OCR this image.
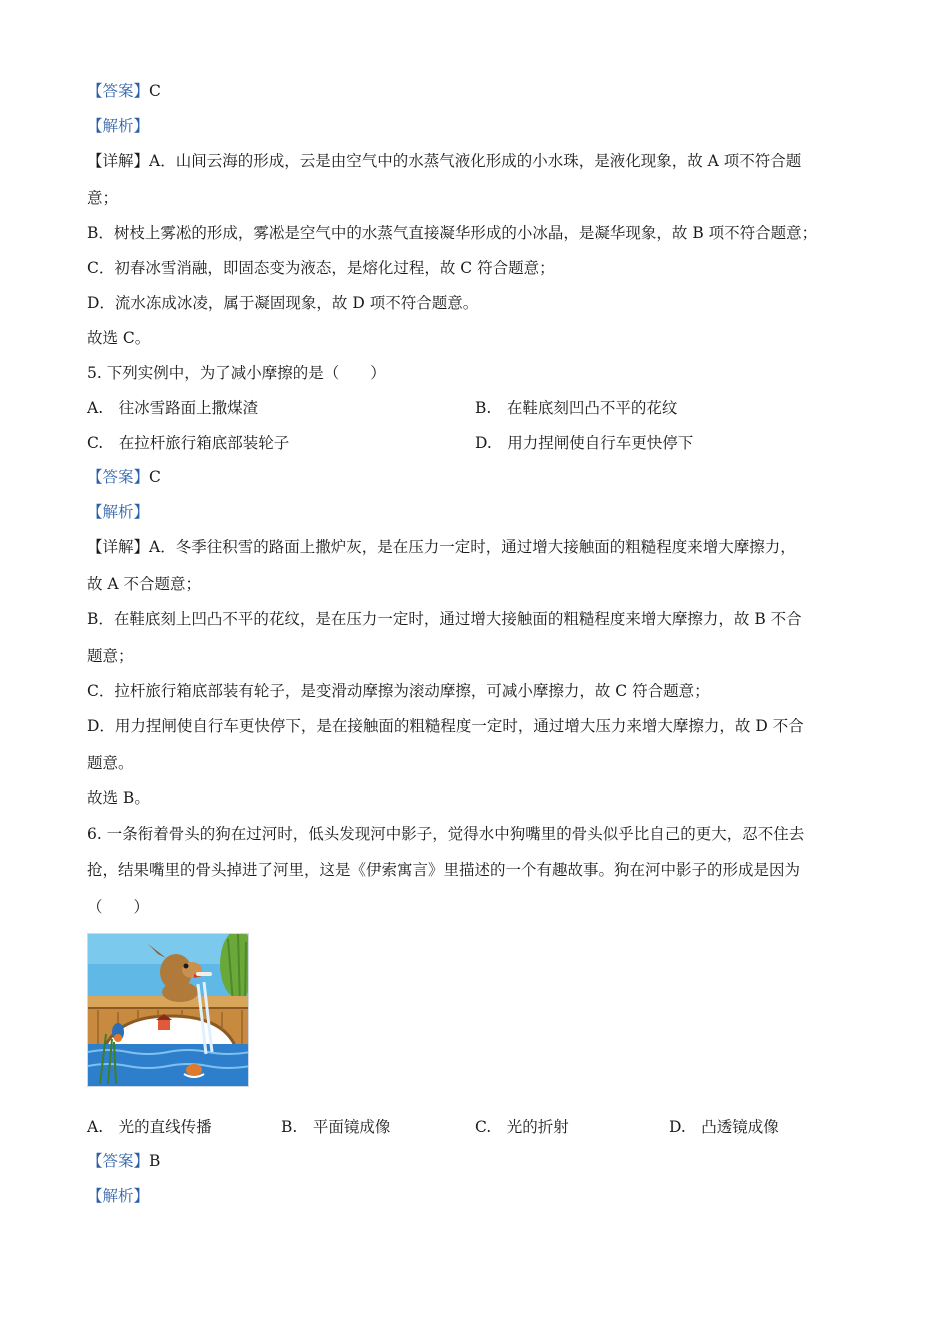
【答案】C
【解析】
【详解】A．山间云海的形成，云是由空气中的水蒸气液化形成的小水珠，是液化现象，故 A 项不符合题
意；
B．树枝上雾凇的形成，雾凇是空气中的水蒸气直接凝华形成的小冰晶，是凝华现象，故 B 项不符合题意；
C．初春冰雪消融，即固态变为液态，是熔化过程，故 C 符合题意；
D．流水冻成冰凌，属于凝固现象，故 D 项不符合题意。
故选 C。
5. 下列实例中，为了减小摩擦的是（　　）
A.　往冰雪路面上撒煤渣	B.　在鞋底刻凹凸不平的花纹
C.　在拉杆旅行箱底部装轮子	D.　用力捏闸使自行车更快停下
【答案】C
【解析】
【详解】A．冬季往积雪的路面上撒炉灰，是在压力一定时，通过增大接触面的粗糙程度来增大摩擦力，
故 A 不合题意；
B．在鞋底刻上凹凸不平的花纹，是在压力一定时，通过增大接触面的粗糙程度来增大摩擦力，故 B 不合
题意；
C．拉杆旅行箱底部装有轮子，是变滑动摩擦为滚动摩擦，可减小摩擦力，故 C 符合题意；
D．用力捏闸使自行车更快停下，是在接触面的粗糙程度一定时，通过增大压力来增大摩擦力，故 D 不合
题意。
故选 B。
6. 一条衔着骨头的狗在过河时，低头发现河中影子，觉得水中狗嘴里的骨头似乎比自己的更大，忍不住去
抢，结果嘴里的骨头掉进了河里，这是《伊索寓言》里描述的一个有趣故事。狗在河中影子的形成是因为
（　　）
A.　光的直线传播	B.　平面镜成像	C.　光的折射	D.　凸透镜成像
【答案】B
【解析】
